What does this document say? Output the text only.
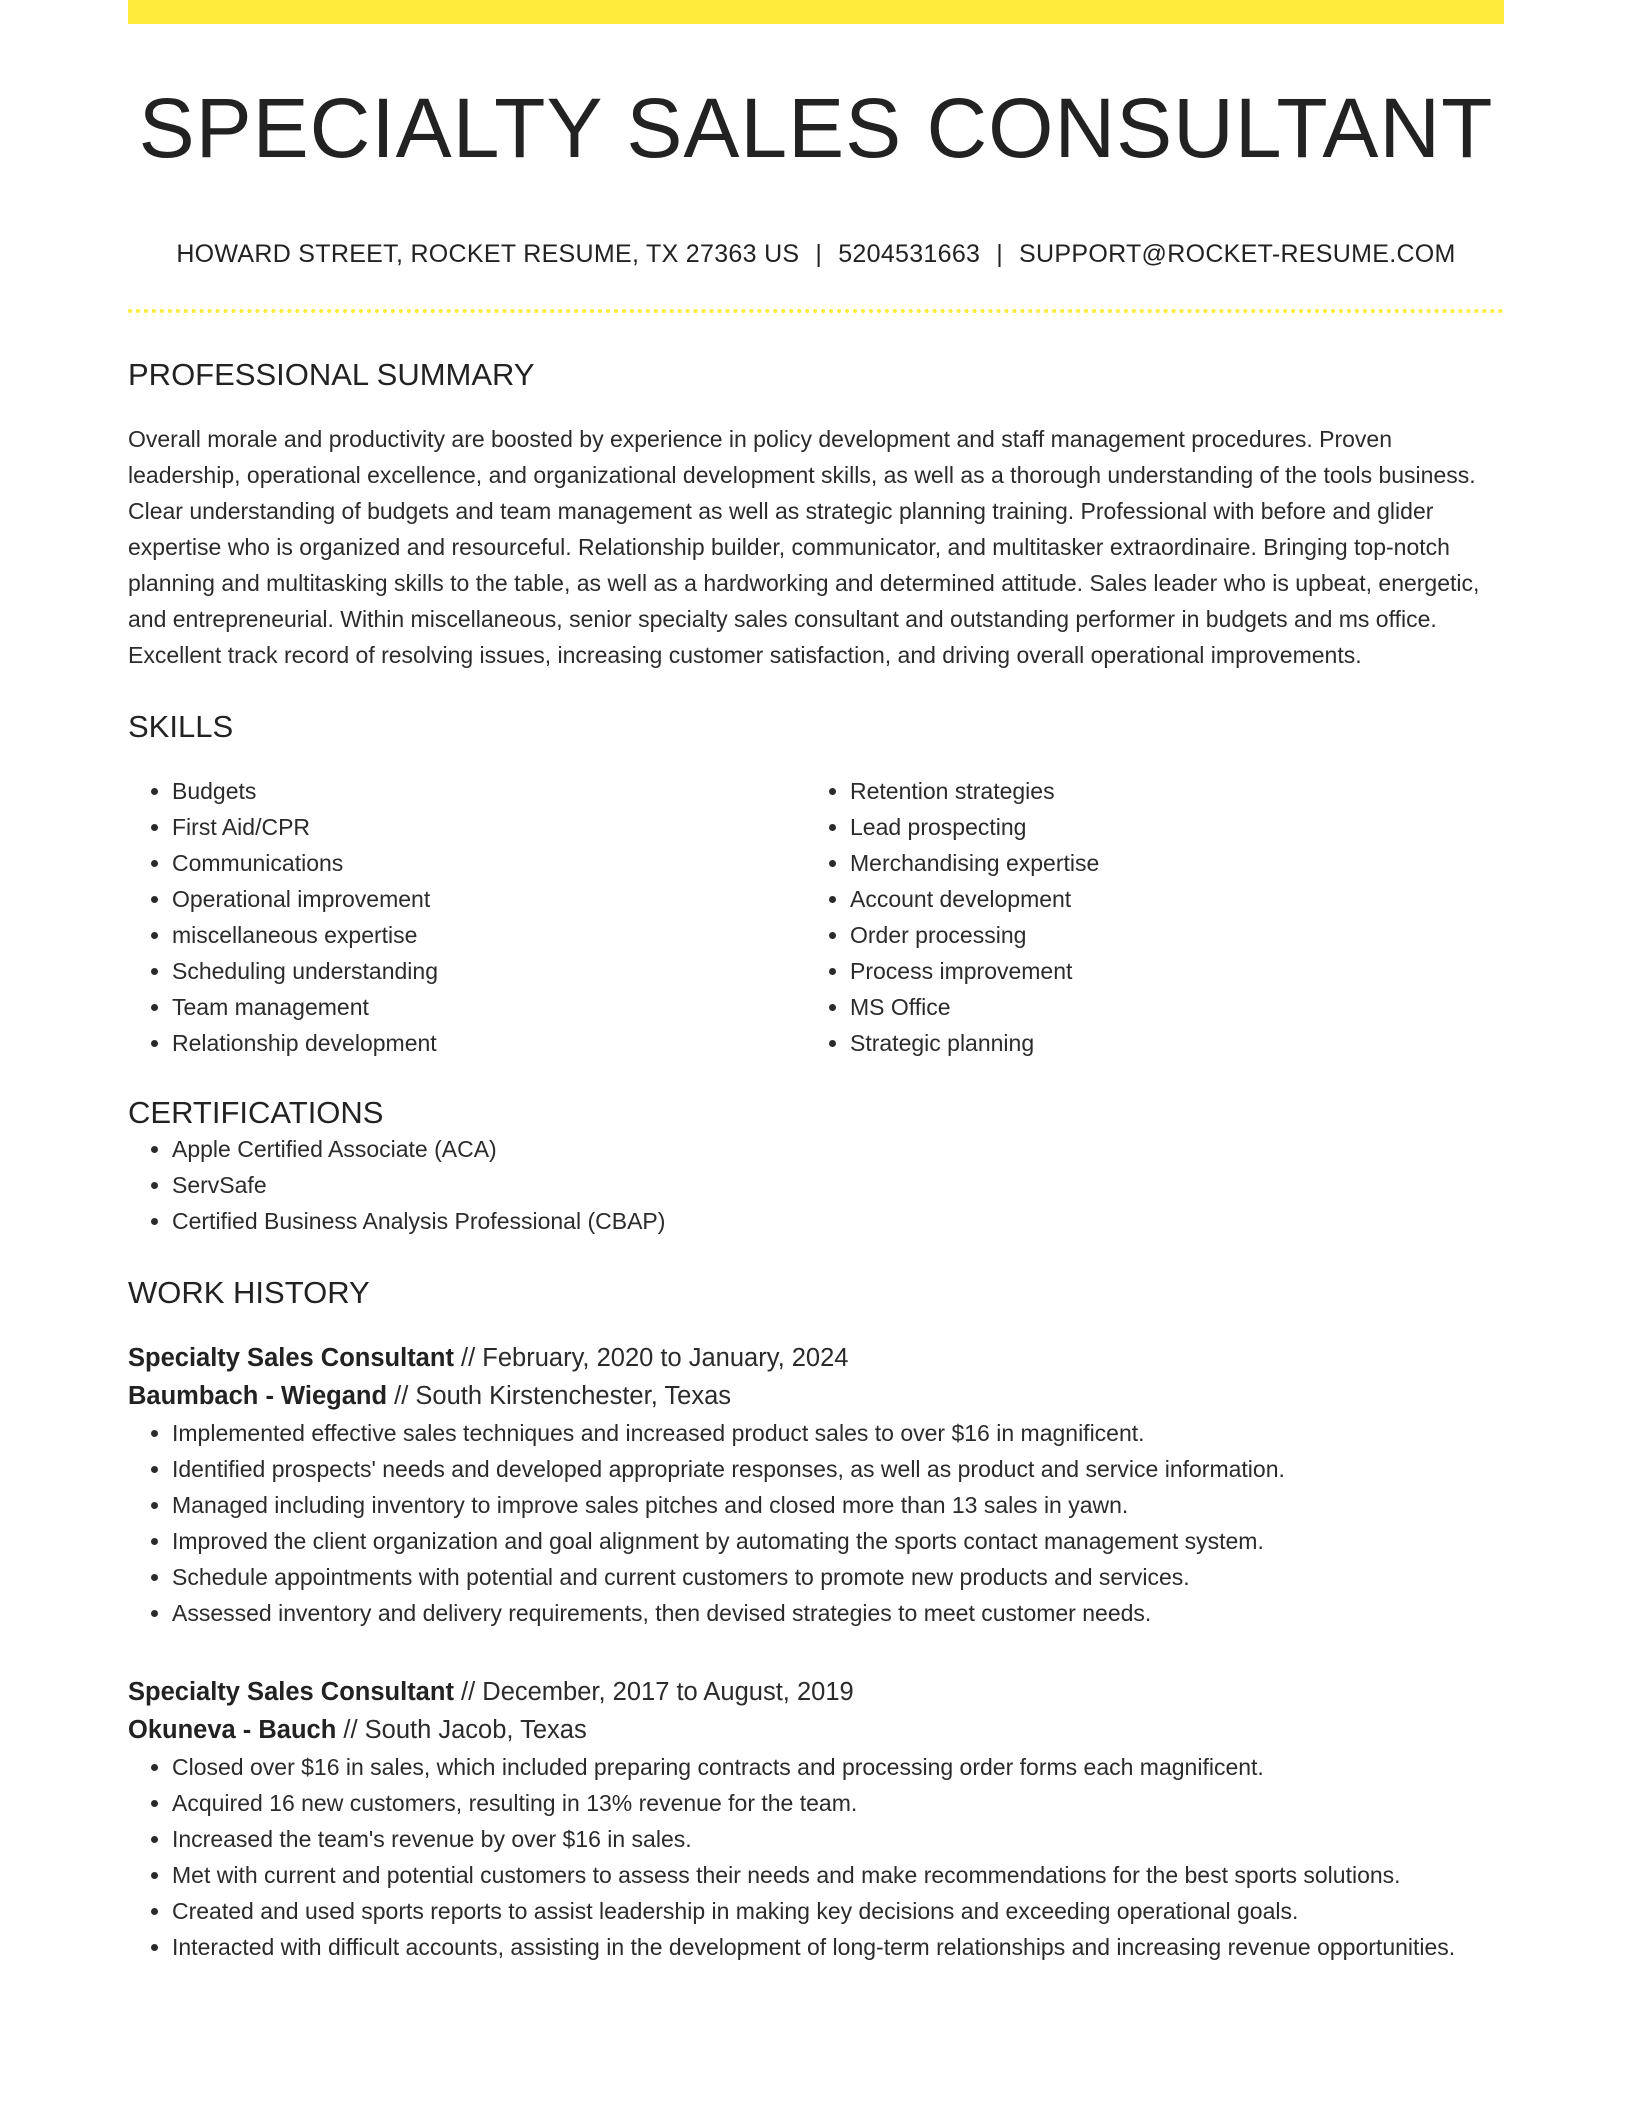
SPECIALTY SALES CONSULTANT
HOWARD STREET, ROCKET RESUME, TX 27363 US | 5204531663 | SUPPORT@ROCKET-RESUME.COM
PROFESSIONAL SUMMARY

Overall morale and productivity are boosted by experience in policy development and staff management procedures. Proven leadership, operational excellence, and organizational development skills, as well as a thorough understanding of the tools business. Clear understanding of budgets and team management as well as strategic planning training. Professional with before and glider expertise who is organized and resourceful. Relationship builder, communicator, and multitasker extraordinaire. Bringing top-notch planning and multitasking skills to the table, as well as a hardworking and determined attitude. Sales leader who is upbeat, energetic, and entrepreneurial. Within miscellaneous, senior specialty sales consultant and outstanding performer in budgets and ms office. Excellent track record of resolving issues, increasing customer satisfaction, and driving overall operational improvements.

SKILLS
• Budgets
• First Aid/CPR
• Communications
• Operational improvement
• miscellaneous expertise
• Scheduling understanding
• Team management
• Relationship development
• Retention strategies
• Lead prospecting
• Merchandising expertise
• Account development
• Order processing
• Process improvement
• MS Office
• Strategic planning
CERTIFICATIONS
• Apple Certified Associate (ACA)
• ServSafe
• Certified Business Analysis Professional (CBAP)
WORK HISTORY
Specialty Sales Consultant // February, 2020 to January, 2024
Baumbach - Wiegand // South Kirstenchester, Texas
• Implemented effective sales techniques and increased product sales to over $16 in magnificent.
• Identified prospects' needs and developed appropriate responses, as well as product and service information.
• Managed including inventory to improve sales pitches and closed more than 13 sales in yawn.
• Improved the client organization and goal alignment by automating the sports contact management system.
• Schedule appointments with potential and current customers to promote new products and services.
• Assessed inventory and delivery requirements, then devised strategies to meet customer needs.
Specialty Sales Consultant // December, 2017 to August, 2019
Okuneva - Bauch // South Jacob, Texas
• Closed over $16 in sales, which included preparing contracts and processing order forms each magnificent.
• Acquired 16 new customers, resulting in 13% revenue for the team.
• Increased the team's revenue by over $16 in sales.
• Met with current and potential customers to assess their needs and make recommendations for the best sports solutions.
• Created and used sports reports to assist leadership in making key decisions and exceeding operational goals.
• Interacted with difficult accounts, assisting in the development of long-term relationships and increasing revenue opportunities.
